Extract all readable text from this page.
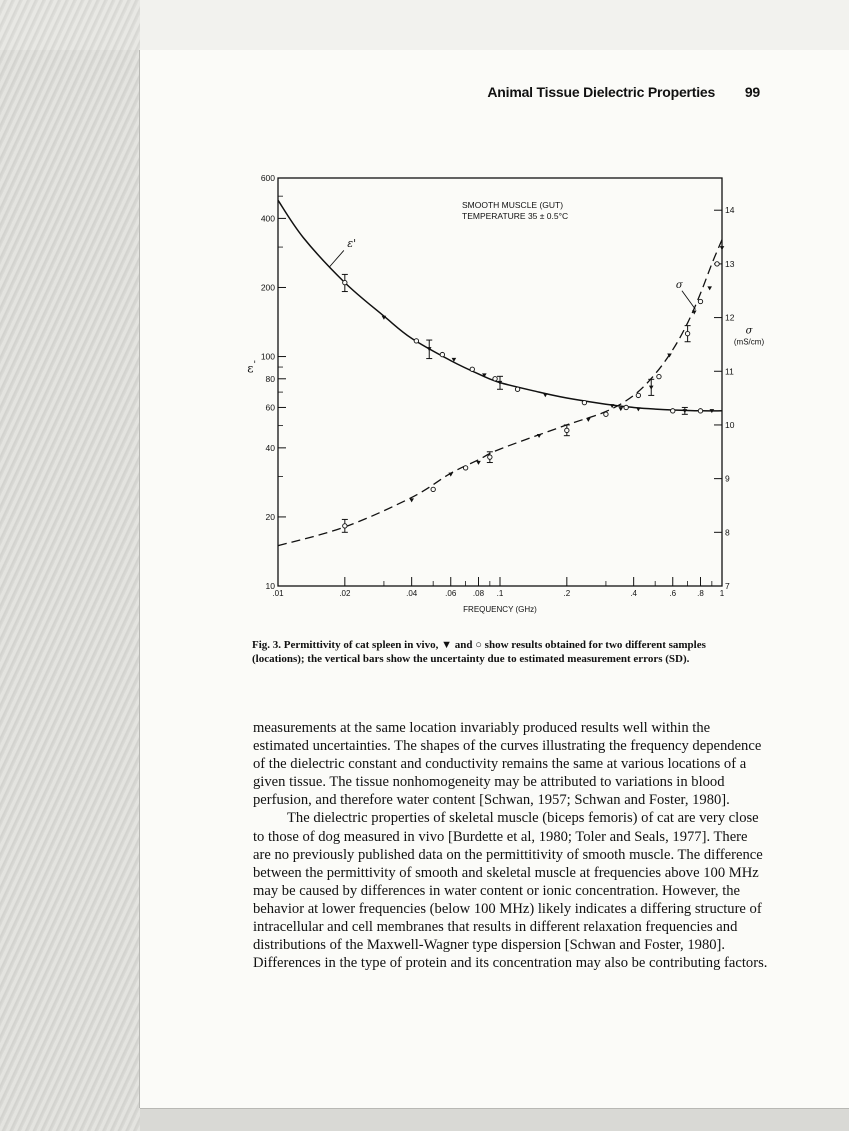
Animal Tissue Dielectric Properties 99
.01	.02	.04	.06 .08 .1	.2	.4	.6	.8 1
FREQUENCY (GHz)
10
20
40
60
80
100
200
400
600
ε'
7
8
9
10
11
12
13
14
σ
(mS/cm)
SMOOTH MUSCLE (GUT)
TEMPERATURE 35 ± 0.5°C
ε'
σ
Fig. 3. Permittivity of cat spleen in vivo, ▼ and ○ show results obtained for two different samples (locations); the vertical bars show the uncertainty due to estimated measurement errors (SD).

measurements at the same location invariably produced results well within the estimated uncertainties. The shapes of the curves illustrating the frequency dependence of the dielectric constant and conductivity remains the same at various locations of a given tissue. The tissue nonhomogeneity may be attributed to variations in blood perfusion, and therefore water content [Schwan, 1957; Schwan and Foster, 1980].

The dielectric properties of skeletal muscle (biceps femoris) of cat are very close to those of dog measured in vivo [Burdette et al, 1980; Toler and Seals, 1977]. There are no previously published data on the permittitivity of smooth muscle. The difference between the permittivity of smooth and skeletal muscle at frequencies above 100 MHz may be caused by differences in water content or ionic concentration. However, the behavior at lower frequencies (below 100 MHz) likely indicates a differing structure of intracellular and cell membranes that results in different relaxation frequencies and distributions of the Maxwell-Wagner type dispersion [Schwan and Foster, 1980]. Differences in the type of protein and its concentration may also be contributing factors.
